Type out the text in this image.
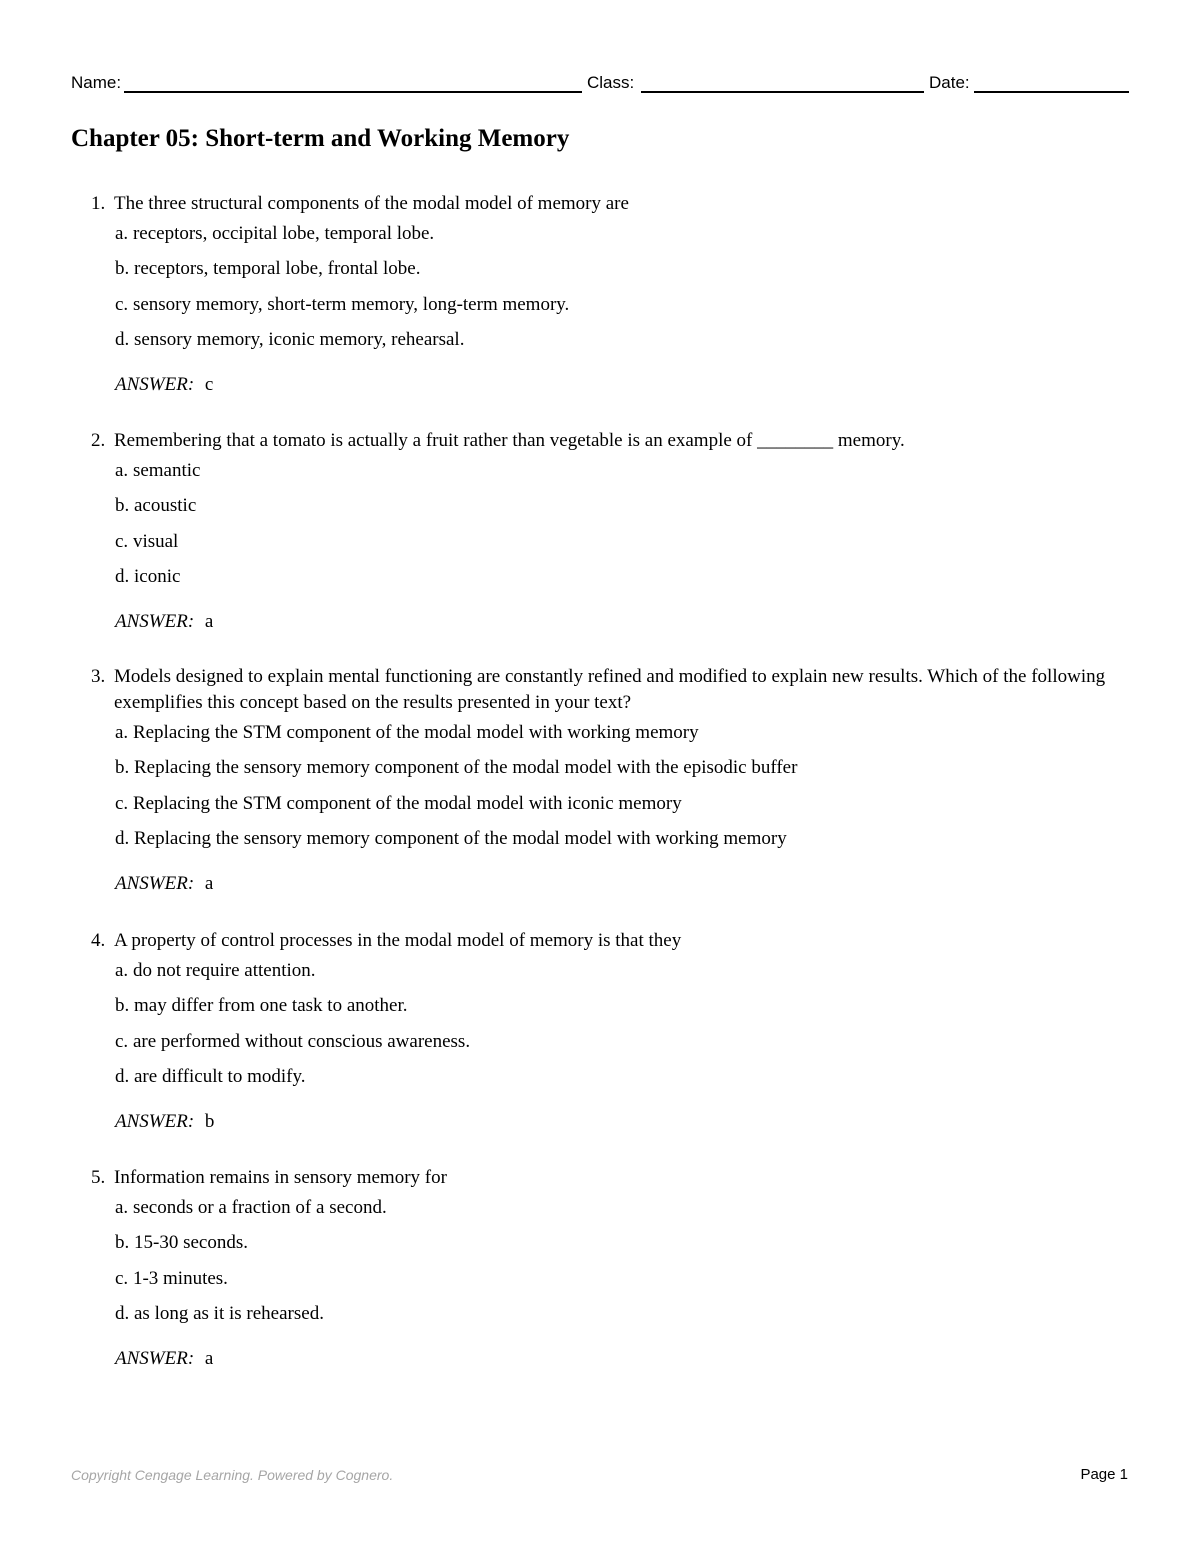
Name:	Class:	Date:
Chapter 05: Short-term and Working Memory
1. The three structural components of the modal model of memory are
a. receptors, occipital lobe, temporal lobe.
b. receptors, temporal lobe, frontal lobe.
c. sensory memory, short-term memory, long-term memory.
d. sensory memory, iconic memory, rehearsal.
ANSWER: c
2. Remembering that a tomato is actually a fruit rather than vegetable is an example of ________ memory.
a. semantic
b. acoustic
c. visual
d. iconic
ANSWER: a
3. Models designed to explain mental functioning are constantly refined and modified to explain new results. Which of the following exemplifies this concept based on the results presented in your text?
a. Replacing the STM component of the modal model with working memory
b. Replacing the sensory memory component of the modal model with the episodic buffer
c. Replacing the STM component of the modal model with iconic memory
d. Replacing the sensory memory component of the modal model with working memory
ANSWER: a
4. A property of control processes in the modal model of memory is that they
a. do not require attention.
b. may differ from one task to another.
c. are performed without conscious awareness.
d. are difficult to modify.
ANSWER: b
5. Information remains in sensory memory for
a. seconds or a fraction of a second.
b. 15-30 seconds.
c. 1-3 minutes.
d. as long as it is rehearsed.
ANSWER: a
Copyright Cengage Learning. Powered by Cognero.	Page 1
